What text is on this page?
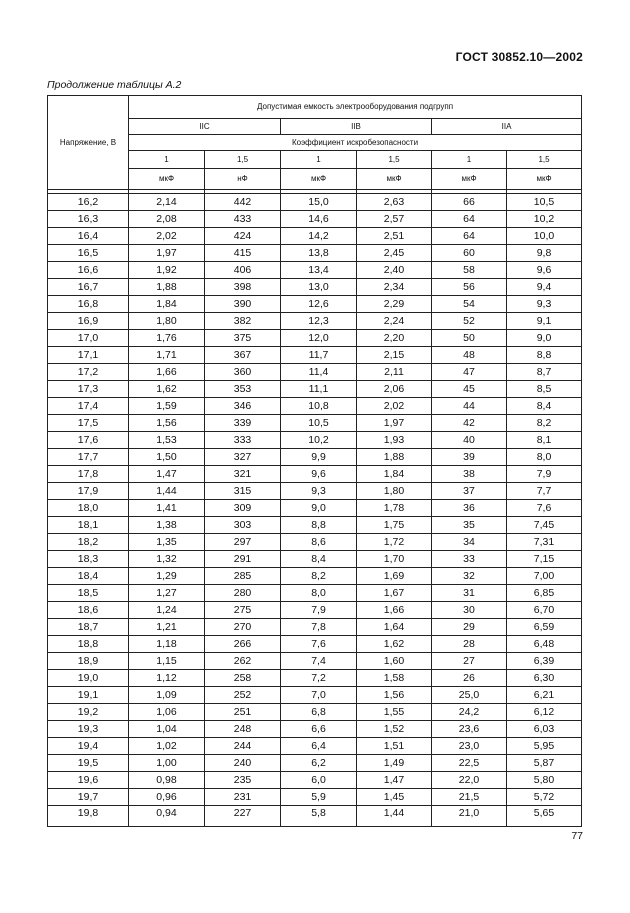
ГОСТ 30852.10—2002
Продолжение таблицы А.2
Напряжение, В	Допустимая емкость электрооборудования подгрупп					
	IIC		IIB		IIA	
	Коэффициент искробезопасности					
	1	1,5	1	1,5	1	1,5
	мкФ	нФ	мкФ	мкФ	мкФ	мкФ

16,2	2,14	442	15,0	2,63	66	10,5
16,3	2,08	433	14,6	2,57	64	10,2
16,4	2,02	424	14,2	2,51	64	10,0
16,5	1,97	415	13,8	2,45	60	9,8
16,6	1,92	406	13,4	2,40	58	9,6
16,7	1,88	398	13,0	2,34	56	9,4
16,8	1,84	390	12,6	2,29	54	9,3
16,9	1,80	382	12,3	2,24	52	9,1
17,0	1,76	375	12,0	2,20	50	9,0
17,1	1,71	367	11,7	2,15	48	8,8
17,2	1,66	360	11,4	2,11	47	8,7
17,3	1,62	353	11,1	2,06	45	8,5
17,4	1,59	346	10,8	2,02	44	8,4
17,5	1,56	339	10,5	1,97	42	8,2
17,6	1,53	333	10,2	1,93	40	8,1
17,7	1,50	327	9,9	1,88	39	8,0
17,8	1,47	321	9,6	1,84	38	7,9
17,9	1,44	315	9,3	1,80	37	7,7
18,0	1,41	309	9,0	1,78	36	7,6
18,1	1,38	303	8,8	1,75	35	7,45
18,2	1,35	297	8,6	1,72	34	7,31
18,3	1,32	291	8,4	1,70	33	7,15
18,4	1,29	285	8,2	1,69	32	7,00
18,5	1,27	280	8,0	1,67	31	6,85
18,6	1,24	275	7,9	1,66	30	6,70
18,7	1,21	270	7,8	1,64	29	6,59
18,8	1,18	266	7,6	1,62	28	6,48
18,9	1,15	262	7,4	1,60	27	6,39
19,0	1,12	258	7,2	1,58	26	6,30
19,1	1,09	252	7,0	1,56	25,0	6,21
19,2	1,06	251	6,8	1,55	24,2	6,12
19,3	1,04	248	6,6	1,52	23,6	6,03
19,4	1,02	244	6,4	1,51	23,0	5,95
19,5	1,00	240	6,2	1,49	22,5	5,87
19,6	0,98	235	6,0	1,47	22,0	5,80
19,7	0,96	231	5,9	1,45	21,5	5,72

19,8	0,94	227	5,8	1,44	21,0	5,65
77
